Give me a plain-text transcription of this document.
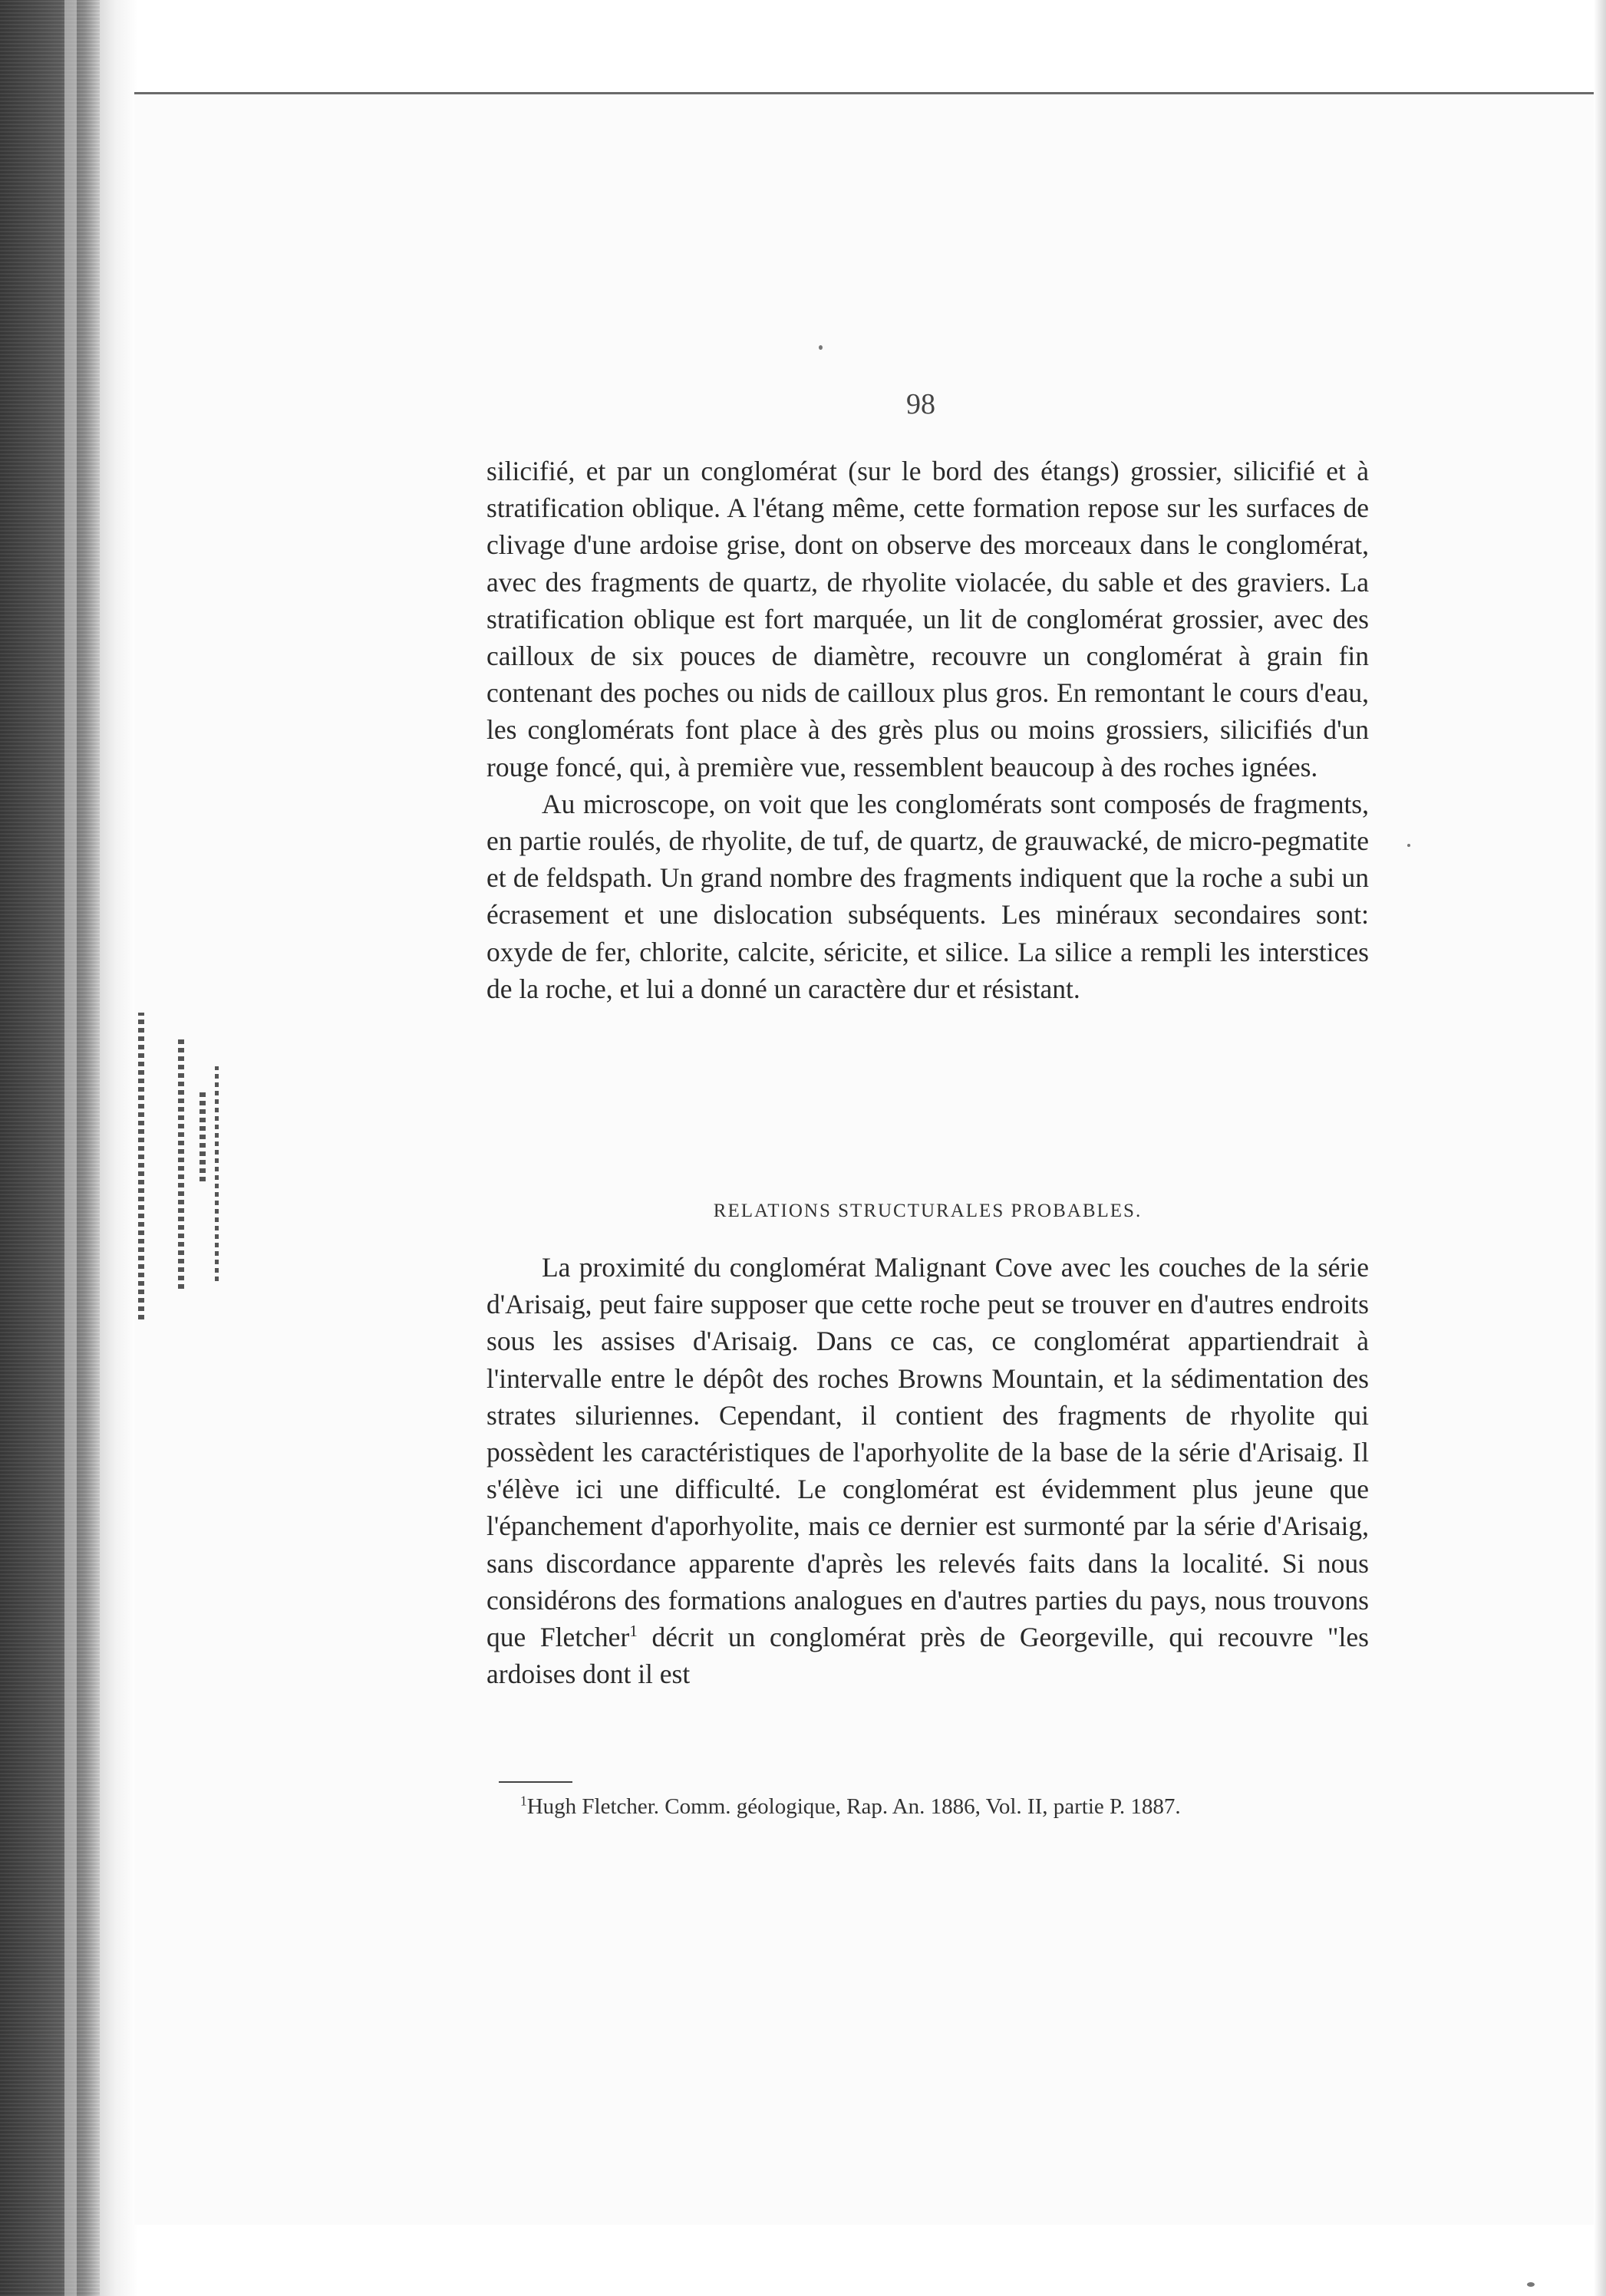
98

silicifié, et par un conglomérat (sur le bord des étangs) grossier, silicifié et à stratification oblique. A l'étang même, cette formation repose sur les surfaces de clivage d'une ardoise grise, dont on observe des morceaux dans le conglomérat, avec des fragments de quartz, de rhyolite violacée, du sable et des graviers. La stratification oblique est fort marquée, un lit de conglomérat grossier, avec des cailloux de six pouces de diamètre, recouvre un conglomérat à grain fin contenant des poches ou nids de cailloux plus gros. En remontant le cours d'eau, les conglomérats font place à des grès plus ou moins grossiers, silicifiés d'un rouge foncé, qui, à première vue, ressemblent beaucoup à des roches ignées.

Au microscope, on voit que les conglomérats sont composés de fragments, en partie roulés, de rhyolite, de tuf, de quartz, de grauwacké, de micro-pegmatite et de feldspath. Un grand nombre des fragments indiquent que la roche a subi un écrasement et une dislocation subséquents. Les minéraux secondaires sont: oxyde de fer, chlorite, calcite, séricite, et silice. La silice a rempli les interstices de la roche, et lui a donné un caractère dur et résistant.

RELATIONS STRUCTURALES PROBABLES.

La proximité du conglomérat Malignant Cove avec les couches de la série d'Arisaig, peut faire supposer que cette roche peut se trouver en d'autres endroits sous les assises d'Arisaig. Dans ce cas, ce conglomérat appartiendrait à l'intervalle entre le dépôt des roches Browns Mountain, et la sédimentation des strates siluriennes. Cependant, il contient des fragments de rhyolite qui possèdent les caractéristiques de l'aporhyolite de la base de la série d'Arisaig. Il s'élève ici une difficulté. Le conglomérat est évidemment plus jeune que l'épanchement d'aporhyolite, mais ce dernier est surmonté par la série d'Arisaig, sans discordance apparente d'après les relevés faits dans la localité. Si nous considérons des formations analogues en d'autres parties du pays, nous trouvons que Fletcher$^1$ décrit un conglomérat près de Georgeville, qui recouvre "les ardoises dont il est

$^1$Hugh Fletcher. Comm. géologique, Rap. An. 1886, Vol. II, partie P. 1887.
